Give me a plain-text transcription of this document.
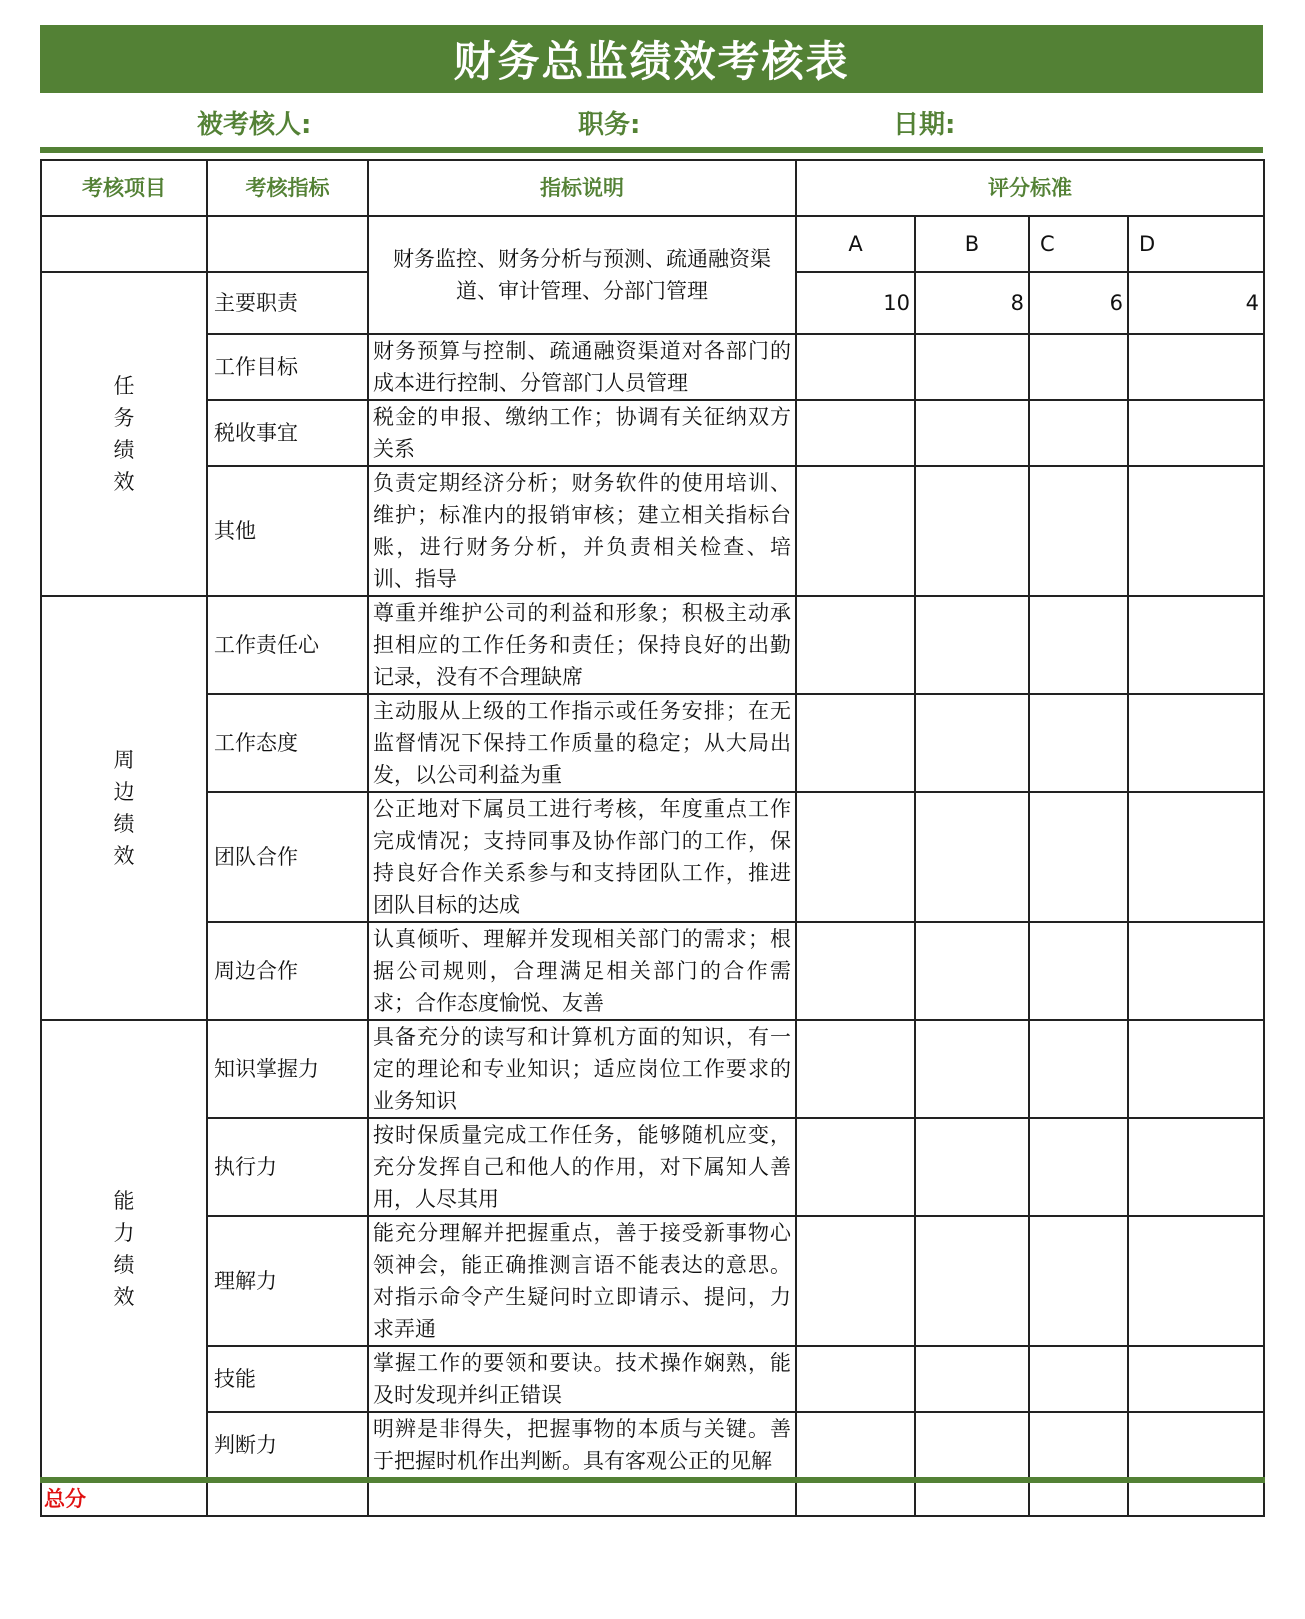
财务总监绩效考核表
被考核人:	职务:	日期:
考核项目	考核指标	指标说明	评分标准			
		财务监控、财务分析与预测、疏通融资渠道、审计管理、分部门管理	A	B	C	D

任
务
绩
效	主要职责		10	8	6	4
	工作目标	财务预算与控制、疏通融资渠道对各部门的成本进行控制、分管部门人员管理				
	税收事宜	税金的申报、缴纳工作；协调有关征纳双方关系				
	其他	负责定期经济分析；财务软件的使用培训、维护；标准内的报销审核；建立相关指标台账，进行财务分析，并负责相关检查、培训、指导				

周
边
绩
效	工作责任心	尊重并维护公司的利益和形象；积极主动承担相应的工作任务和责任；保持良好的出勤记录，没有不合理缺席				
	工作态度	主动服从上级的工作指示或任务安排；在无监督情况下保持工作质量的稳定；从大局出发，以公司利益为重				
	团队合作	公正地对下属员工进行考核，年度重点工作完成情况；支持同事及协作部门的工作，保持良好合作关系参与和支持团队工作，推进团队目标的达成				
	周边合作	认真倾听、理解并发现相关部门的需求；根据公司规则，合理满足相关部门的合作需求；合作态度愉悦、友善				

能
力
绩
效	知识掌握力	具备充分的读写和计算机方面的知识，有一定的理论和专业知识；适应岗位工作要求的业务知识				
	执行力	按时保质量完成工作任务，能够随机应变，充分发挥自己和他人的作用，对下属知人善用，人尽其用				
	理解力	能充分理解并把握重点，善于接受新事物心领神会，能正确推测言语不能表达的意思。对指示命令产生疑问时立即请示、提问，力求弄通				
	技能	掌握工作的要领和要诀。技术操作娴熟，能及时发现并纠正错误				
	判断力	明辨是非得失，把握事物的本质与关键。善于把握时机作出判断。具有客观公正的见解				
总分						
